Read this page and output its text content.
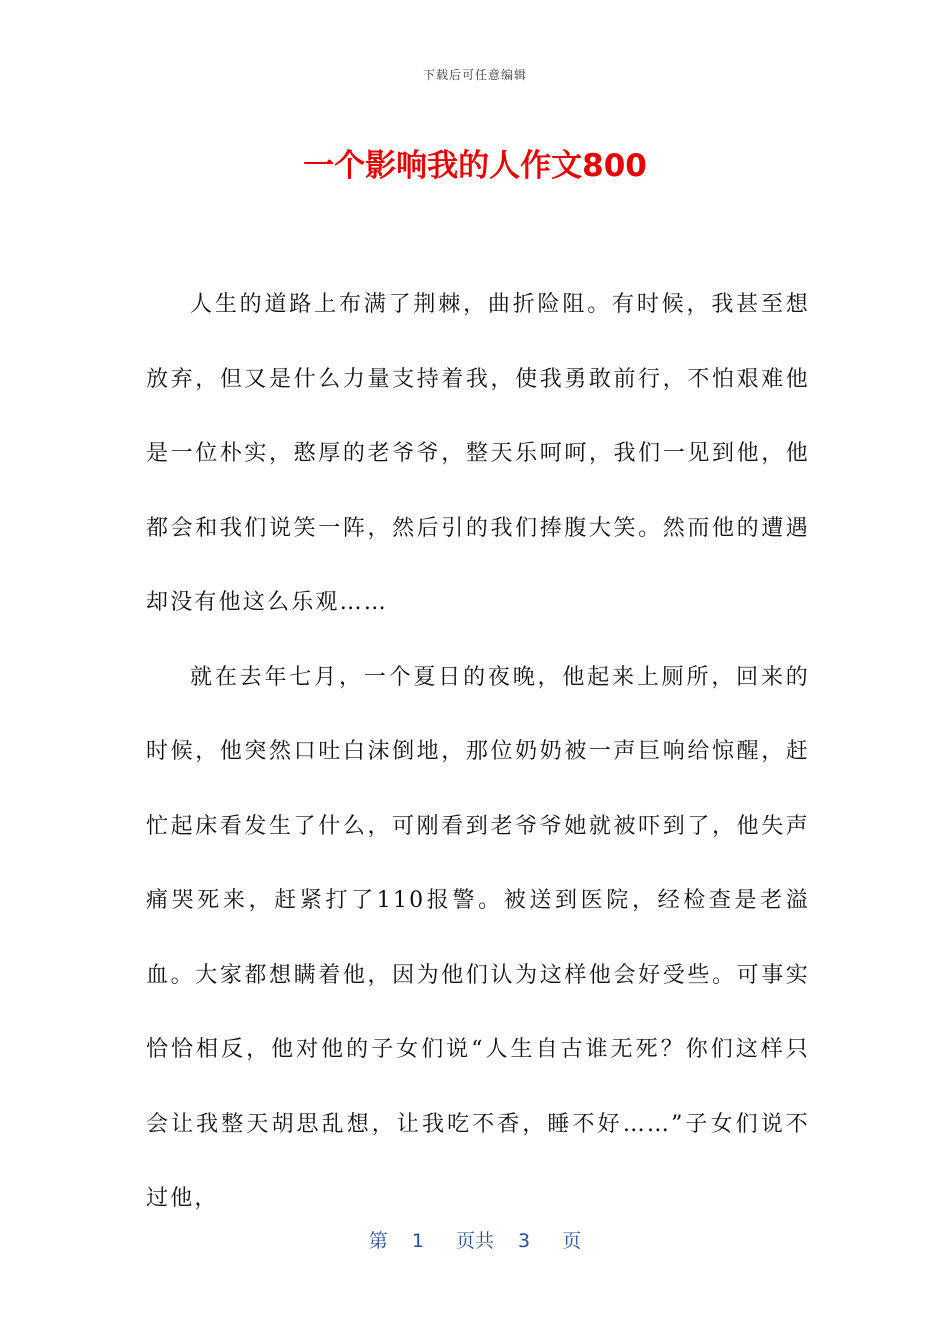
下载后可任意编辑
一个影响我的人作文800

人生的道路上布满了荆棘，曲折险阻。有时候，我甚至想放弃，但又是什么力量支持着我，使我勇敢前行，不怕艰难他是一位朴实，憨厚的老爷爷，整天乐呵呵，我们一见到他，他都会和我们说笑一阵，然后引的我们捧腹大笑。然而他的遭遇却没有他这么乐观……

就在去年七月，一个夏日的夜晚，他起来上厕所，回来的时候，他突然口吐白沫倒地，那位奶奶被一声巨响给惊醒，赶忙起床看发生了什么，可刚看到老爷爷她就被吓到了，他失声痛哭死来，赶紧打了110报警。被送到医院，经检查是老溢血。大家都想瞒着他，因为他们认为这样他会好受些。可事实恰恰相反，他对他的子女们说“人生自古谁无死？你们这样只会让我整天胡思乱想，让我吃不香，睡不好……”子女们说不过他，

第 1 页共 3 页
